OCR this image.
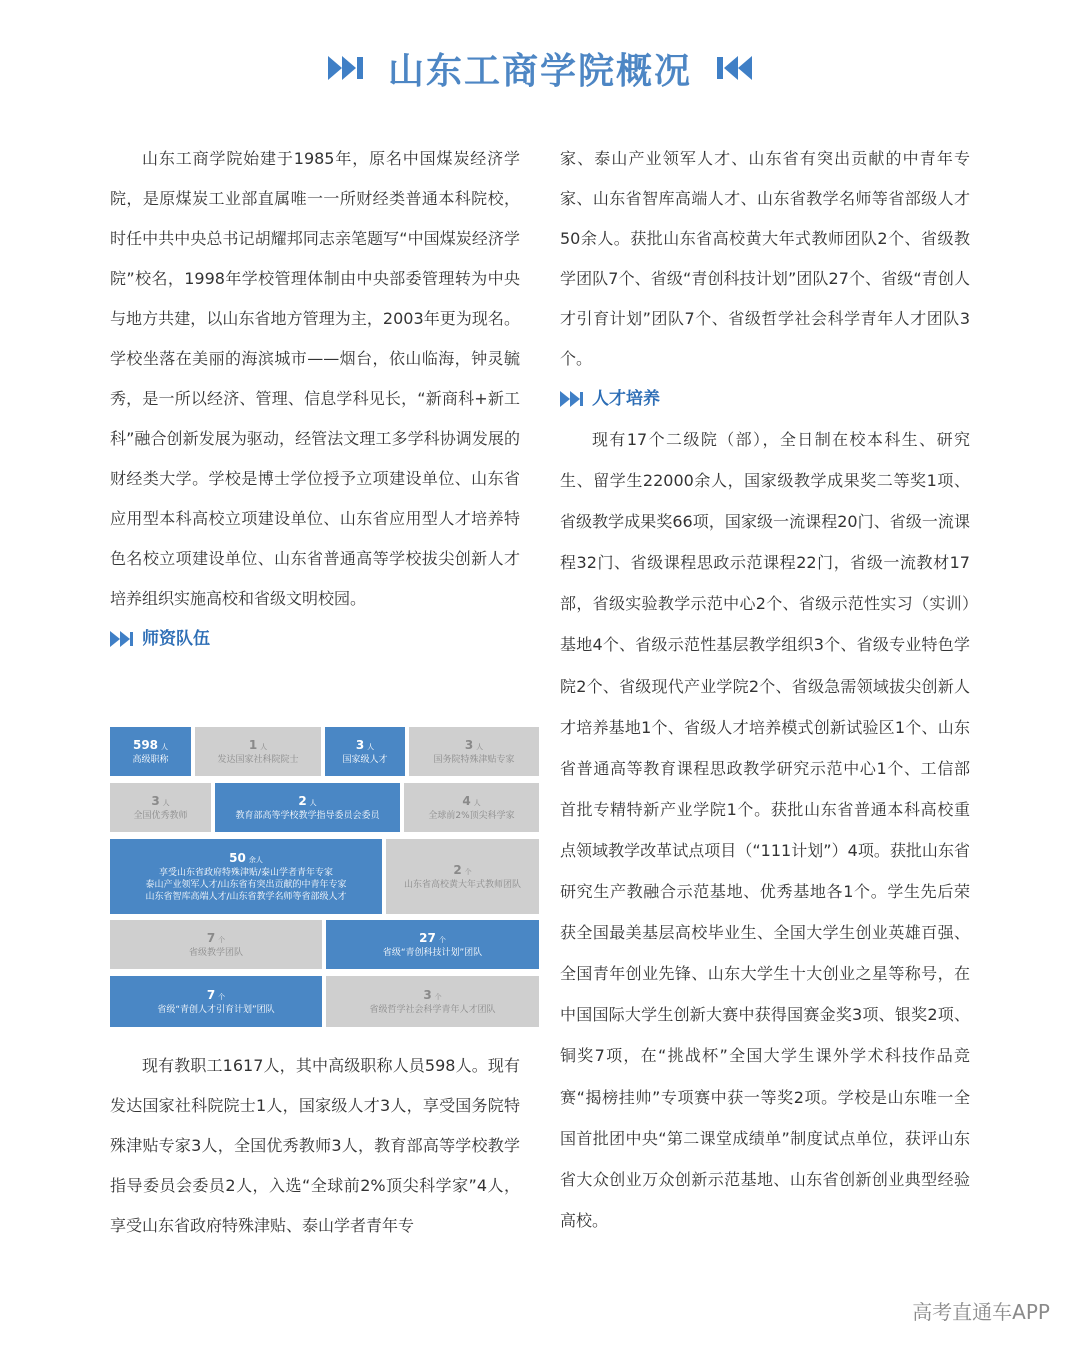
山东工商学院概况

山东工商学院始建于1985年，原名中国煤炭经济学院，是原煤炭工业部直属唯一一所财经类普通本科院校，时任中共中央总书记胡耀邦同志亲笔题写“中国煤炭经济学院”校名，1998年学校管理体制由中央部委管理转为中央与地方共建，以山东省地方管理为主，2003年更为现名。学校坐落在美丽的海滨城市——烟台，依山临海，钟灵毓秀，是一所以经济、管理、信息学科见长，“新商科+新工科”融合创新发展为驱动，经管法文理工多学科协调发展的财经类大学。学校是博士学位授予立项建设单位、山东省应用型本科高校立项建设单位、山东省应用型人才培养特色名校立项建设单位、山东省普通高等学校拔尖创新人才培养组织实施高校和省级文明校园。

师资队伍
598 人
高级职称
1 人
发达国家社科院院士
3 人
国家级人才
3 人
国务院特殊津贴专家
3 人
全国优秀教师
2 人
教育部高等学校教学指导委员会委员
4 人
全球前2%顶尖科学家
50 余人
享受山东省政府特殊津贴/泰山学者青年专家
泰山产业领军人才/山东省有突出贡献的中青年专家
山东省智库高端人才/山东省教学名师等省部级人才
2 个
山东省高校黄大年式教师团队
7 个
省级教学团队
27 个
省级“青创科技计划”团队
7 个
省级“青创人才引育计划”团队
3 个
省级哲学社会科学青年人才团队

现有教职工1617人，其中高级职称人员598人。现有发达国家社科院院士1人，国家级人才3人，享受国务院特殊津贴专家3人，全国优秀教师3人，教育部高等学校教学指导委员会委员2人，入选“全球前2%顶尖科学家”4人，享受山东省政府特殊津贴、泰山学者青年专

家、泰山产业领军人才、山东省有突出贡献的中青年专家、山东省智库高端人才、山东省教学名师等省部级人才50余人。获批山东省高校黄大年式教师团队2个、省级教学团队7个、省级“青创科技计划”团队27个、省级“青创人才引育计划”团队7个、省级哲学社会科学青年人才团队3个。

人才培养

现有17个二级院（部），全日制在校本科生、研究生、留学生22000余人，国家级教学成果奖二等奖1项、省级教学成果奖66项，国家级一流课程20门、省级一流课程32门、省级课程思政示范课程22门，省级一流教材17部，省级实验教学示范中心2个、省级示范性实习（实训）基地4个、省级示范性基层教学组织3个、省级专业特色学院2个、省级现代产业学院2个、省级急需领域拔尖创新人才培养基地1个、省级人才培养模式创新试验区1个、山东省普通高等教育课程思政教学研究示范中心1个、工信部首批专精特新产业学院1个。获批山东省普通本科高校重点领域教学改革试点项目（“111计划”）4项。获批山东省研究生产教融合示范基地、优秀基地各1个。学生先后荣获全国最美基层高校毕业生、全国大学生创业英雄百强、全国青年创业先锋、山东大学生十大创业之星等称号，在中国国际大学生创新大赛中获得国赛金奖3项、银奖2项、铜奖7项，在“挑战杯”全国大学生课外学术科技作品竞赛“揭榜挂帅”专项赛中获一等奖2项。学校是山东唯一全国首批团中央“第二课堂成绩单”制度试点单位，获评山东省大众创业万众创新示范基地、山东省创新创业典型经验高校。

高考直通车APP
